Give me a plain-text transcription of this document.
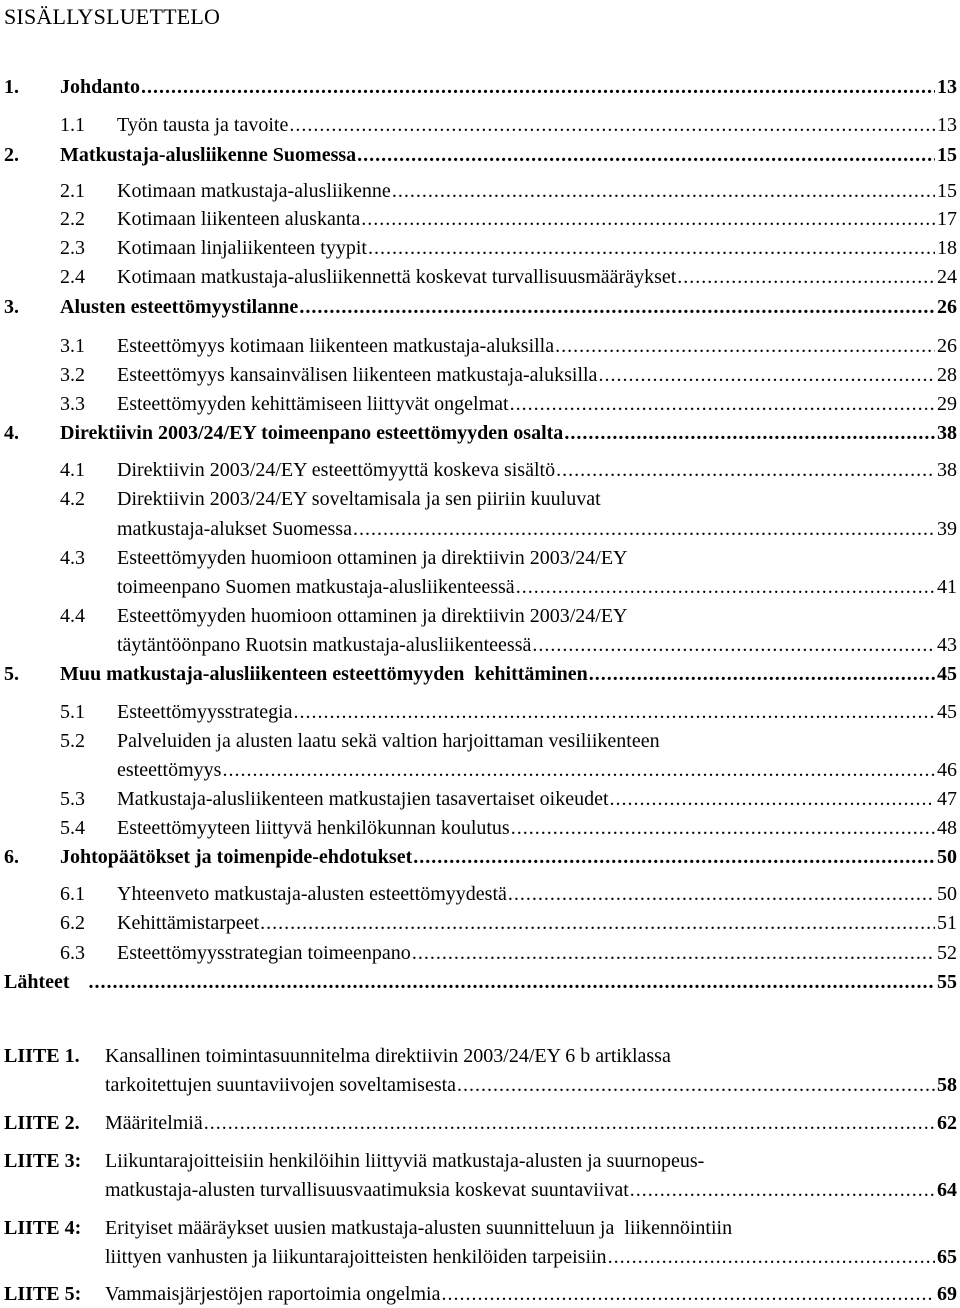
SISÄLLYSLUETTELO
1. Johdanto .....	13
1.1 Työn tausta ja tavoite .....	13
2. Matkustaja-alusliikenne Suomessa .....	15
2.1 Kotimaan matkustaja-alusliikenne .....	15
2.2 Kotimaan liikenteen aluskanta .....	17
2.3 Kotimaan linjaliikenteen tyypit .....	18
2.4 Kotimaan matkustaja-alusliikennettä koskevat turvallisuusmääräykset .....	24
3. Alusten esteettömyystilanne .....	26
3.1 Esteettömyys kotimaan liikenteen matkustaja-aluksilla .....	26
3.2 Esteettömyys kansainvälisen liikenteen matkustaja-aluksilla .....	28
3.3 Esteettömyyden kehittämiseen liittyvät ongelmat .....	29
4. Direktiivin 2003/24/EY toimeenpano esteettömyyden osalta .....	38
4.1 Direktiivin 2003/24/EY esteettömyyttä koskeva sisältö .....	38
4.2 Direktiivin 2003/24/EY soveltamisala ja sen piiriin kuuluvat
matkustaja-alukset Suomessa .....	39
4.3 Esteettömyyden huomioon ottaminen ja direktiivin 2003/24/EY
toimeenpano Suomen matkustaja-alusliikenteessä .....	41
4.4 Esteettömyyden huomioon ottaminen ja direktiivin 2003/24/EY
täytäntöönpano Ruotsin matkustaja-alusliikenteessä .....	43
5. Muu matkustaja-alusliikenteen esteettömyyden  kehittäminen .....	45
5.1 Esteettömyysstrategia .....	45
5.2 Palveluiden ja alusten laatu sekä valtion harjoittaman vesiliikenteen
esteettömyys .....	46
5.3 Matkustaja-alusliikenteen matkustajien tasavertaiset oikeudet .....	47
5.4 Esteettömyyteen liittyvä henkilökunnan koulutus .....	48
6. Johtopäätökset ja toimenpide-ehdotukset .....	50
6.1 Yhteenveto matkustaja-alusten esteettömyydestä .....	50
6.2 Kehittämistarpeet .....	51
6.3 Esteettömyysstrategian toimeenpano .....	52
Lähteet .....	55
LIITE 1. Kansallinen toimintasuunnitelma direktiivin 2003/24/EY 6 b artiklassa
tarkoitettujen suuntaviivojen soveltamisesta .....	58
LIITE 2. Määritelmiä .....	62
LIITE 3: Liikuntarajoitteisiin henkilöihin liittyviä matkustaja-alusten ja suurnopeus-
matkustaja-alusten turvallisuusvaatimuksia koskevat suuntaviivat .....	64
LIITE 4: Erityiset määräykset uusien matkustaja-alusten suunnitteluun ja  liikennöintiin
liittyen vanhusten ja liikuntarajoitteisten henkilöiden tarpeisiin .....	65
LIITE 5: Vammaisjärjestöjen raportoimia ongelmia .....	69
